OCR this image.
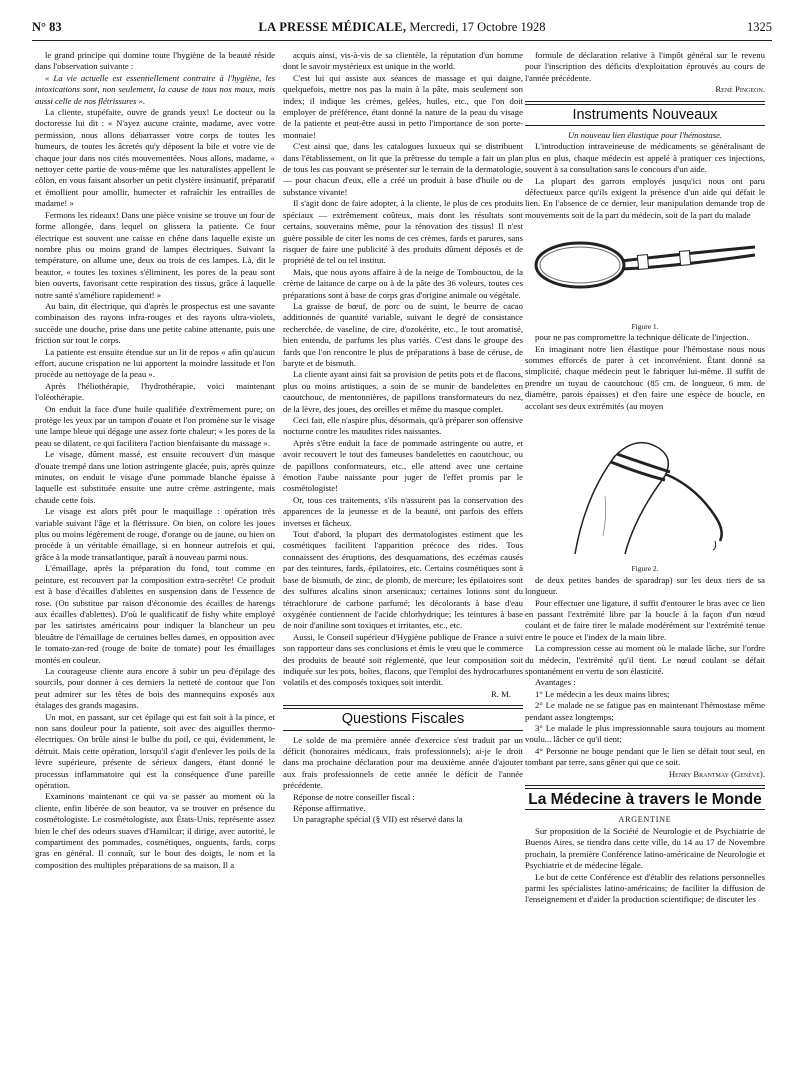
N° 83	LA PRESSE MÉDICALE, Mercredi, 17 Octobre 1928	1325

le grand principe qui domine toute l'hygiène de la beauté réside dans l'observation suivante :

« La vie actuelle est essentiellement contraire à l'hygiène, les intoxications sont, non seulement, la cause de tous nos maux, mais aussi celle de nos flétrissures ».

La cliente, stupéfaite, ouvre de grands yeux! Le docteur ou la doctoresse lui dit : « N'ayez aucune crainte, madame, avec votre permission, nous allons débarrasser votre corps de toutes les humeurs, de toutes les âcretés qu'y déposent la bile et votre vie de chaque jour dans nos cités mouvementées. Nous allons, madame, « nettoyer cette partie de vous-même que les naturalistes appellent le côlon, en vous faisant absorber un petit clystère insinuatif, préparatif et émollient pour amollir, humecter et rafraîchir les entrailles de madame! »

Fermons les rideaux! Dans une pièce voisine se trouve un four de forme allongée, dans lequel on glissera la patiente. Ce four électrique est souvent une caisse en chêne dans laquelle existe un nombre plus ou moins grand de lampes électriques. Suivant la température, on allume une, deux ou trois de ces lampes. Là, dit le beautor, « toutes les toxines s'éliminent, les pores de la peau sont bien ouverts, favorisant cette respiration des tissus, grâce à laquelle notre santé s'améliore rapidement! »

Au bain, dit électrique, qui d'après le prospectus est une savante combinaison des rayons infra-rouges et des rayons ultra-violets, succède une douche, prise dans une petite cabine attenante, puis une friction sur tout le corps.

La patiente est ensuite étendue sur un lit de repos « afin qu'aucun effort, aucune crispation ne lui apportent la moindre lassitude et l'on procède au nettoyage de la peau ».

Après l'héliothérapie, l'hydrothérapie, voici maintenant l'oléothérapie.

On enduit la face d'une huile qualifiée d'extrêmement pure; on protège les yeux par un tampon d'ouate et l'on promène sur le visage une lampe bleue qui dégage une assez forte chaleur; « les pores de la peau se dilatent, ce qui facilitera l'action bienfaisante du massage ».

Le visage, dûment massé, est ensuite recouvert d'un masque d'ouate trempé dans une lotion astringente glacée, puis, après quinze minutes, on enduit le visage d'une pommade blanche épaisse à laquelle est substituée ensuite une autre crème astringente, mais chaude cette fois.

Le visage est alors prêt pour le maquillage : opération très variable suivant l'âge et la flétrissure. On bien, on colore les joues plus ou moins légèrement de rouge, d'orange ou de jaune, ou bien on procède à un véritable émaillage, si en honneur autrefois et qui, grâce à la mode transatlantique, paraît à nouveau parmi nous.

L'émaillage, après la préparation du fond, tout comme en peinture, est recouvert par la composition extra-secrète! Ce produit est à base d'écailles d'ablettes en suspension dans de l'essence de rose. (On substitue par raison d'économie des écailles de harengs aux écailles d'ablettes). D'où le qualificatif de fishy white employé par les satiristes américains pour indiquer la blancheur un peu bleuâtre de l'émaillage de certaines belles dames, en opposition avec le tomato-zan-red (rouge de boite de tomate) pour les émaillages montés en couleur.

La courageuse cliente aura encore à subir un peu d'épilage des sourcils, pour donner à ces derniers la netteté de contour que l'on peut admirer sur les têtes de bois des mannequins exposés aux étalages des grands magasins.

Un mot, en passant, sur cet épilage qui est fait soit à la pince, et non sans douleur pour la patiente, soit avec des aiguilles thermo-électriques. On brûle ainsi le bulbe du poil, ce qui, évidemment, le détruit. Mais cette opération, lorsqu'il s'agit d'enlever les poils de la lèvre supérieure, présente de sérieux dangers, étant donné le processus inflammatoire qui est la conséquence d'une pareille opération.

Examinons maintenant ce qui va se passer au moment où la cliente, enfin libérée de son beautor, va se trouver en présence du cosmétologiste. Le cosmétologiste, aux États-Unis, représente assez bien le chef des odeurs suaves d'Hamilcar; il dirige, avec autorité, le compartiment des pommades, cosmétiques, onguents, fards, corps gras en général. Il connaît, sur le bout des doigts, le nom et la composition des multiples préparations de sa maison. Il a

acquis ainsi, vis-à-vis de sa clientèle, la réputation d'un homme dont le savoir mystérieux est unique in the world.

C'est lui qui assiste aux séances de massage et qui daigne, quelquefois, mettre nos pas la main à la pâte, mais seulement son index; il indique les crèmes, gelées, huiles, etc., que l'on doit employer de préférence, étant donné la nature de la peau du visage de la patiente et peut-être aussi in petto l'importance de son porte-monnaie!

C'est ainsi que, dans les catalogues luxueux qui se distribuent dans l'établissement, on lit que la prêtresse du temple a fait un plan de tous les cas pouvant se présenter sur le terrain de la dermatologie, — pour chacun d'eux, elle a créé un produit à base d'huile ou de substance vivante!

Il s'agit donc de faire adopter, à la cliente, le plus de ces produits spéciaux — extrêmement coûteux, mais dont les résultats sont certains, souverains même, pour la rénovation des tissus! Il n'est guère possible de citer les noms de ces crèmes, fards et parures, sans risquer de faire une publicité à des produits dûment déposés et de propriété de tel ou tel institut.

Mais, que nous ayons affaire à de la neige de Tombouctou, de la crème de laitance de carpe ou à de la pâte des 36 voleurs, toutes ces préparations sont à base de corps gras d'origine animale ou végétale.

La graisse de bœuf, de porc ou de suint, le beurre de cacao additionnés de quantité variable, suivant le degré de consistance recherchée, de vaseline, de cire, d'ozokérite, etc., le tout aromatisé, bien entendu, de parfums les plus variés. C'est dans le groupe des fards que l'on rencontre le plus de préparations à base de céruse, de baryte et de bismuth.

La cliente ayant ainsi fait sa provision de petits pots et de flacons, plus ou moins artistiques, a soin de se munir de bandelettes en caoutchouc, de mentonnières, de papillons transformateurs du nez, de la lèvre, des joues, des oreilles et même du masque complet.

Ceci fait, elle n'aspire plus, désormais, qu'à préparer son offensive nocturne contre les maudites rides naissantes.

Après s'être enduit la face de pommade astringente ou autre, et avoir recouvert le tout des fameuses bandelettes en caoutchouc, ou de papillons conformateurs, etc., elle attend avec une certaine émotion l'aube naissante pour juger de l'effet promis par le cosmétologiste!

Or, tous ces traitements, s'ils n'assurent pas la conservation des apparences de la jeunesse et de la beauté, ont parfois des effets inverses et fâcheux.

Tout d'abord, la plupart des dermatologistes estiment que les cosmétiques facilitent l'apparition précoce des rides. Tous connaissent des éruptions, des desquamations, des eczémas causés par des teintures, fards, épilatoires, etc. Certains cosmétiques sont à base de bismuth, de zinc, de plomb, de mercure; les épilatoires sont des sulfures alcalins sinon arsenicaux; certaines lotions sont du tétrachlorure de carbone parfumé; les décolorants à base d'eau oxygénée contiennent de l'acide chlorhydrique; les teintures à base de noir d'aniline sont toxiques et irritantes, etc., etc.

Aussi, le Conseil supérieur d'Hygiène publique de France a suivi son rapporteur dans ses conclusions et émis le vœu que le commerce des produits de beauté soit réglementé, que leur composition soit indiquée sur les pots, boîtes, flacons, que l'emploi des hydrocarbures volatils et des composés toxiques soit interdit.

R. M.

Questions Fiscales

Le solde de ma première année d'exercice s'est traduit par un déficit (honoraires médicaux, frais professionnels); ai-je le droit dans ma prochaine déclaration pour ma deuxième année d'ajouter aux frais professionnels de cette année le déficit de l'année précédente.

Réponse de notre conseiller fiscal :

Réponse affirmative.

Un paragraphe spécial (§ VII) est réservé dans la

formule de déclaration relative à l'impôt général sur le revenu pour l'inscription des déficits d'exploitation éprouvés au cours de l'année précédente.

René Pingeon.

Instruments Nouveaux

Un nouveau lien élastique pour l'hémostase.

L'introduction intraveineuse de médicaments se généralisant de plus en plus, chaque médecin est appelé à pratiquer ces injections, souvent à sa consultation sans le concours d'un aide.

La plupart des garrots employés jusqu'ici nous ont paru défectueux parce qu'ils exigent la présence d'un aide qui défait le lien. En l'absence de ce dernier, leur manipulation demande trop de mouvements soit de la part du médecin, soit de la part du malade

Figure 1.

pour ne pas compromettre la technique délicate de l'injection.

En imaginant notre lien élastique pour l'hémostase nous nous sommes efforcés de parer à cet inconvénient. Étant donné sa simplicité, chaque médecin peut le fabriquer lui-même. Il suffit de prendre un tuyau de caoutchouc (85 cm. de longueur, 6 mm. de diamètre, parois épaisses) et d'en faire une espèce de boucle, en accolant ses deux extrémités (au moyen

Figure 2.

de deux petites bandes de sparadrap) sur les deux tiers de sa longueur.

Pour effectuer une ligature, il suffit d'entourer le bras avec ce lien en passant l'extrémité libre par la boucle à la façon d'un nœud coulant et de faire tirer le malade modérément sur l'extrémité tenue entre le pouce et l'index de la main libre.

La compression cesse au moment où le malade lâche, sur l'ordre du médecin, l'extrémité qu'il tient. Le nœud coulant se défait spontanément en vertu de son élasticité.

Avantages :

1° Le médecin a les deux mains libres;

2° Le malade ne se fatigue pas en maintenant l'hémostase même pendant assez longtemps;

3° Le malade le plus impressionnable saura toujours au moment voulu... lâcher ce qu'il tient;

4° Personne ne bouge pendant que le lien se défait tout seul, en tombant par terre, sans gêner qui que ce soit.

Henry Brantmay (Genève).

La Médecine à travers le Monde

ARGENTINE

Sur proposition de la Société de Neurologie et de Psychiatrie de Buenos Aires, se tiendra dans cette ville, du 14 au 17 de Novembre prochain, la première Conférence latino-américaine de Neurologie et Psychiatrie et de médecine légale.

Le but de cette Conférence est d'établir des relations personnelles parmi les spécialistes latino-américains; de faciliter la diffusion de l'enseignement et d'aider la production scientifique; de discuter les
